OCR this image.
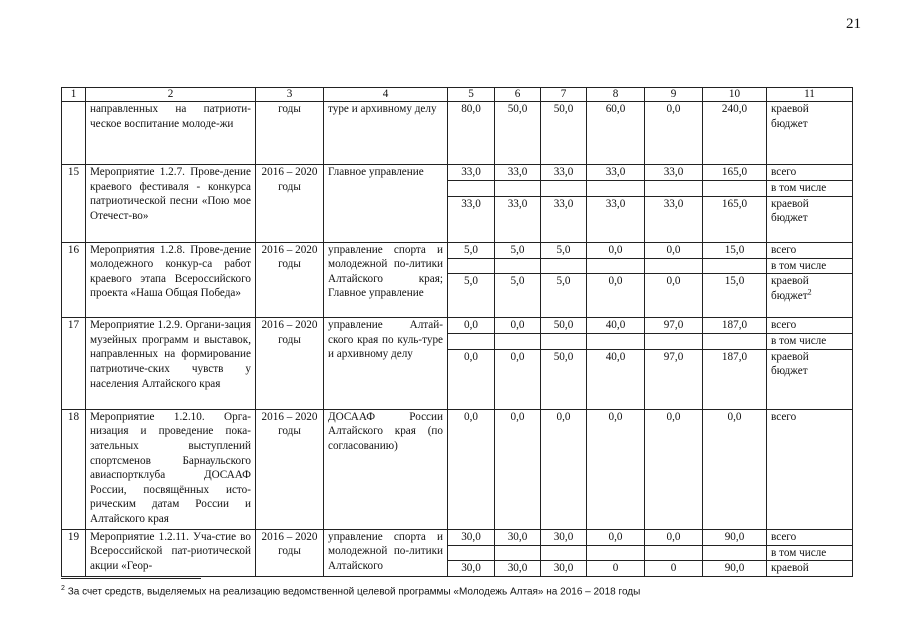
21
1	2	3	4	5	6	7	8	9	10	11
	направленных на патриоти-ческое воспитание молоде-жи	годы	туре и архивному делу	80,0	50,0	50,0	60,0	0,0	240,0	краевой бюджет
15	Мероприятие 1.2.7. Прове-дение краевого фестиваля - конкурса патриотической песни «Пою мое Отечест-во»	2016 – 2020 годы	Главное управление	33,0	33,0	33,0	33,0	33,0	165,0	всего
										в том числе
				33,0	33,0	33,0	33,0	33,0	165,0	краевой бюджет
16	Мероприятия 1.2.8. Прове-дение молодежного конкур-са работ краевого этапа Всероссийского проекта «Наша Общая Победа»	2016 – 2020 годы	управление спорта и молодежной по-литики Алтайского края; Главное управление	5,0	5,0	5,0	0,0	0,0	15,0	всего
										в том числе
				5,0	5,0	5,0	0,0	0,0	15,0	краевой бюджет$^2$
17	Мероприятие 1.2.9. Органи-зация музейных программ и выставок, направленных на формирование патриотиче-ских чувств у населения Алтайского края	2016 – 2020 годы	управление Алтай-ского края по куль-туре и архивному делу	0,0	0,0	50,0	40,0	97,0	187,0	всего
										в том числе
				0,0	0,0	50,0	40,0	97,0	187,0	краевой бюджет
18	Мероприятие 1.2.10. Орга-низация и проведение пока-зательных выступлений спортсменов Барнаульского авиаспортклуба ДОСААФ России, посвящённых исто-рическим датам России и Алтайского края	2016 – 2020 годы	ДОСААФ России Алтайского края (по согласованию)	0,0	0,0	0,0	0,0	0,0	0,0	всего
19	Мероприятие 1.2.11. Уча-стие во Всероссийской пат-риотической акции «Геор-	2016 – 2020 годы	управление спорта и молодежной по-литики Алтайского	30,0	30,0	30,0	0,0	0,0	90,0	всего
										в том числе
				30,0	30,0	30,0	0	0	90,0	краевой
$^2$ За счет средств, выделяемых на реализацию ведомственной целевой программы «Молодежь Алтая» на 2016 – 2018 годы
